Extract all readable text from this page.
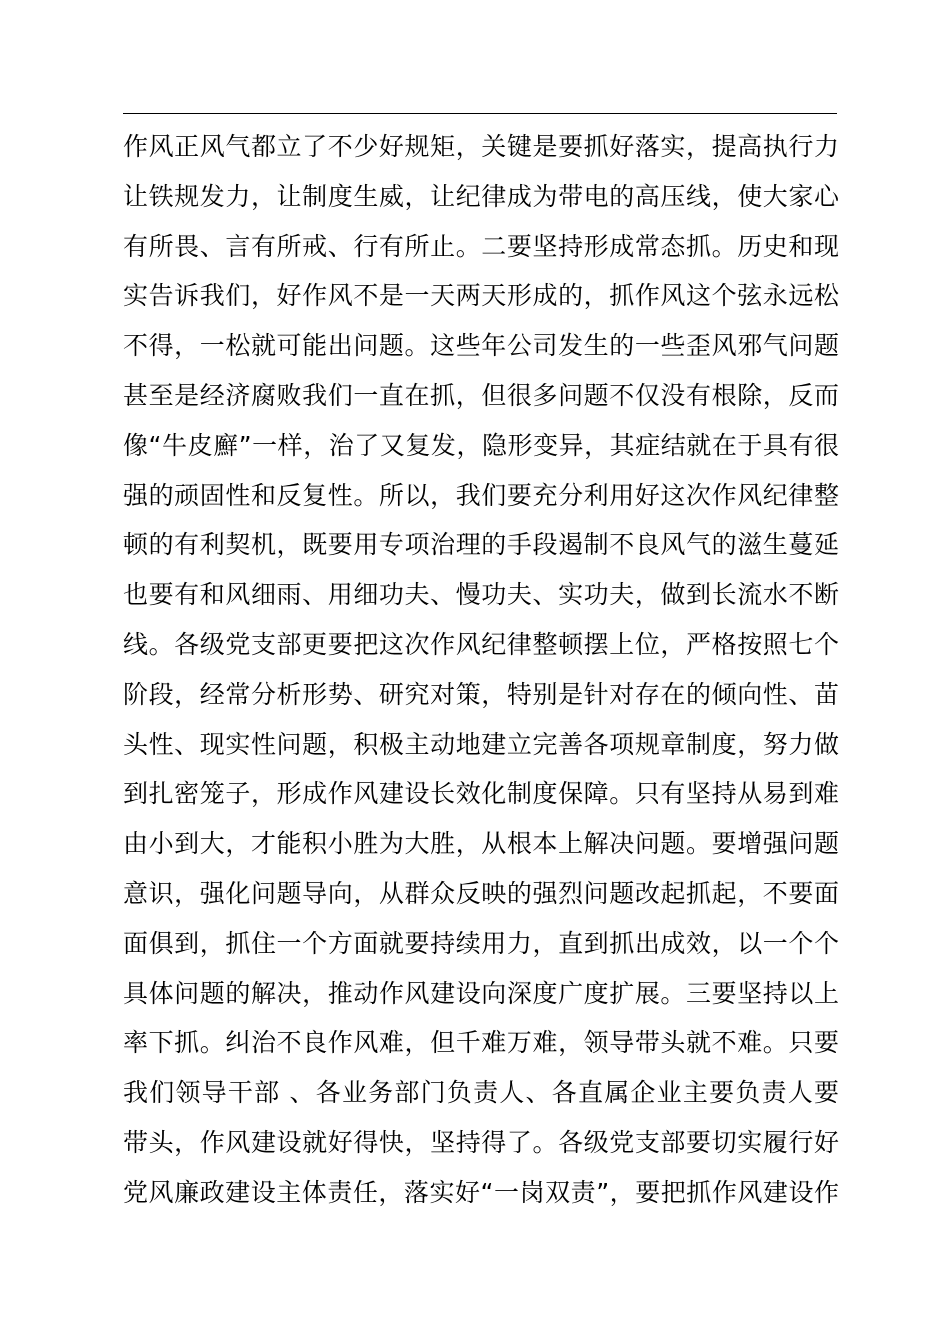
作风正风气都立了不少好规矩，关键是要抓好落实，提高执行力
让铁规发力，让制度生威，让纪律成为带电的高压线，使大家心
有所畏、言有所戒、行有所止。二要坚持形成常态抓。历史和现
实告诉我们，好作风不是一天两天形成的，抓作风这个弦永远松
不得，一松就可能出问题。这些年公司发生的一些歪风邪气问题
甚至是经济腐败我们一直在抓，但很多问题不仅没有根除，反而
像“牛皮廯”一样，治了又复发，隐形变异，其症结就在于具有很
强的顽固性和反复性。所以，我们要充分利用好这次作风纪律整
顿的有利契机，既要用专项治理的手段遏制不良风气的滋生蔓延
也要有和风细雨、用细功夫、慢功夫、实功夫，做到长流水不断
线。各级党支部更要把这次作风纪律整顿摆上位，严格按照七个
阶段，经常分析形势、研究对策，特别是针对存在的倾向性、苗
头性、现实性问题，积极主动地建立完善各项规章制度，努力做
到扎密笼子，形成作风建设长效化制度保障。只有坚持从易到难
由小到大，才能积小胜为大胜，从根本上解决问题。要增强问题
意识，强化问题导向，从群众反映的强烈问题改起抓起，不要面
面俱到，抓住一个方面就要持续用力，直到抓出成效，以一个个
具体问题的解决，推动作风建设向深度广度扩展。三要坚持以上
率下抓。纠治不良作风难，但千难万难，领导带头就不难。只要
我们领导干部 、各业务部门负责人、各直属企业主要负责人要
带头，作风建设就好得快，坚持得了。各级党支部要切实履行好
党风廉政建设主体责任，落实好“一岗双责”，要把抓作风建设作
